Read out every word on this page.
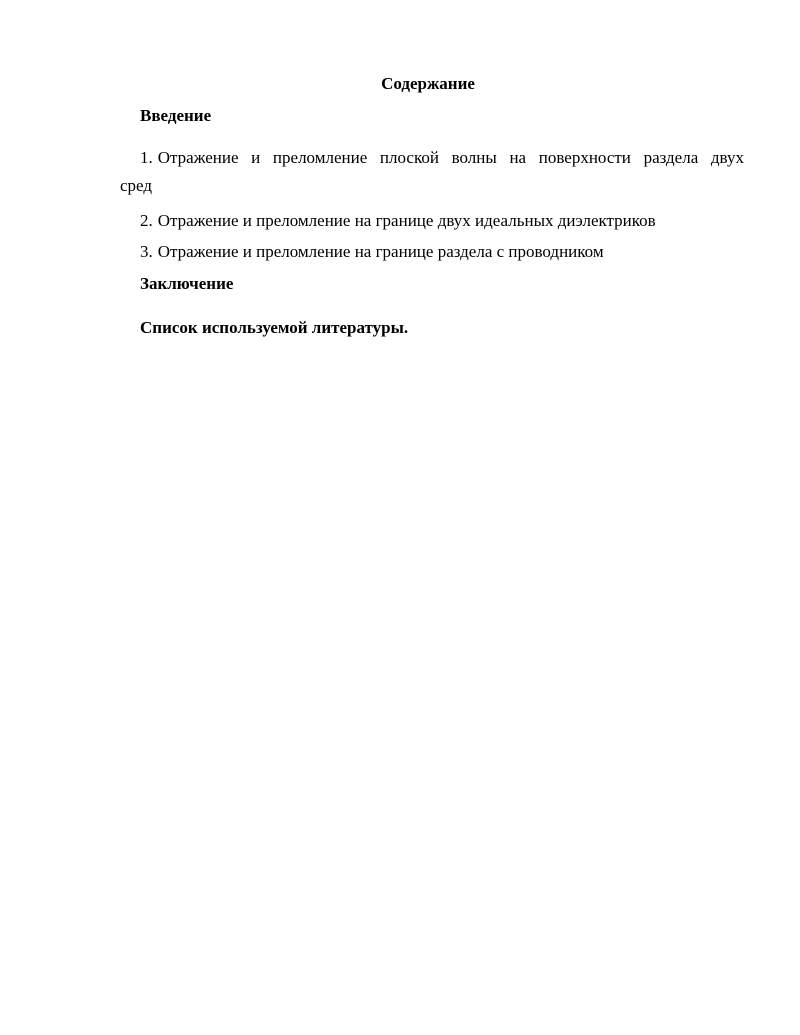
Содержание
Введение
1. Отражение и преломление плоской волны на поверхности раздела двух
сред
2. Отражение и преломление на границе двух идеальных диэлектриков
3. Отражение и преломление на границе раздела с проводником
Заключение
Список используемой литературы.
